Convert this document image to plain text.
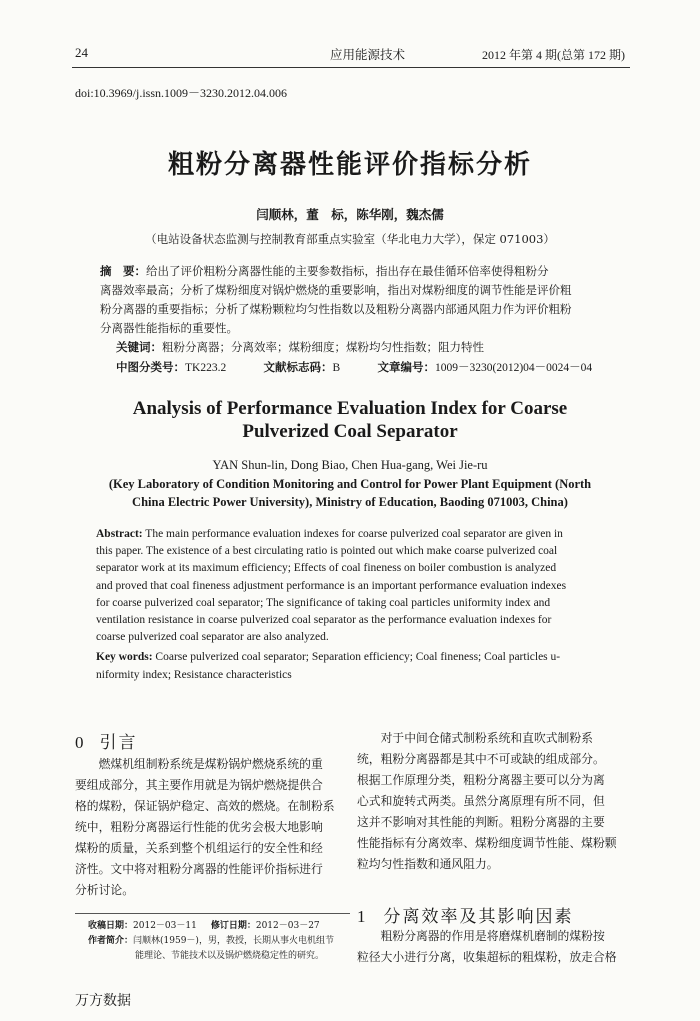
24	应用能源技术	2012 年第 4 期(总第 172 期)
doi:10.3969/j.issn.1009－3230.2012.04.006
粗粉分离器性能评价指标分析
闫顺林，董　标，陈华刚，魏杰儒
（电站设备状态监测与控制教育部重点实验室（华北电力大学），保定 071003）
摘　要：给出了评价粗粉分离器性能的主要参数指标，指出存在最佳循环倍率使得粗粉分
离器效率最高；分析了煤粉细度对锅炉燃烧的重要影响，指出对煤粉细度的调节性能是评价粗
粉分离器的重要指标；分析了煤粉颗粒均匀性指数以及粗粉分离器内部通风阻力作为评价粗粉
分离器性能指标的重要性。
关键词：粗粉分离器；分离效率；煤粉细度；煤粉均匀性指数；阻力特性
中图分类号：TK223.2	文献标志码：B	文章编号：1009－3230(2012)04－0024－04
Analysis of Performance Evaluation Index for Coarse
Pulverized Coal Separator
YAN Shun-lin, Dong Biao, Chen Hua-gang, Wei Jie-ru
(Key Laboratory of Condition Monitoring and Control for Power Plant Equipment (North
China Electric Power University), Ministry of Education, Baoding 071003, China)
Abstract: The main performance evaluation indexes for coarse pulverized coal separator are given in
this paper. The existence of a best circulating ratio is pointed out which make coarse pulverized coal
separator work at its maximum efficiency; Effects of coal fineness on boiler combustion is analyzed
and proved that coal fineness adjustment performance is an important performance evaluation indexes
for coarse pulverized coal separator; The significance of taking coal particles uniformity index and
ventilation resistance in coarse pulverized coal separator as the performance evaluation indexes for
coarse pulverized coal separator are also analyzed.
Key words: Coarse pulverized coal separator; Separation efficiency; Coal fineness; Coal particles u-
niformity index; Resistance characteristics
0 引言
　　燃煤机组制粉系统是煤粉锅炉燃烧系统的重
要组成部分，其主要作用就是为锅炉燃烧提供合
格的煤粉，保证锅炉稳定、高效的燃烧。在制粉系
统中，粗粉分离器运行性能的优劣会极大地影响
煤粉的质量，关系到整个机组运行的安全性和经
济性。文中将对粗粉分离器的性能评价指标进行
分析讨论。
收稿日期：2012－03－11 修订日期：2012－03－27
作者简介：闫顺林(1959－)，男，教授，长期从事火电机组节
能理论、节能技术以及锅炉燃烧稳定性的研究。
　　对于中间仓储式制粉系统和直吹式制粉系
统，粗粉分离器都是其中不可或缺的组成部分。
根据工作原理分类，粗粉分离器主要可以分为离
心式和旋转式两类。虽然分离原理有所不同，但
这并不影响对其性能的判断。粗粉分离器的主要
性能指标有分离效率、煤粉细度调节性能、煤粉颗
粒均匀性指数和通风阻力。
1 分离效率及其影响因素
　　粗粉分离器的作用是将磨煤机磨制的煤粉按
粒径大小进行分离，收集超标的粗煤粉，放走合格
万方数据
